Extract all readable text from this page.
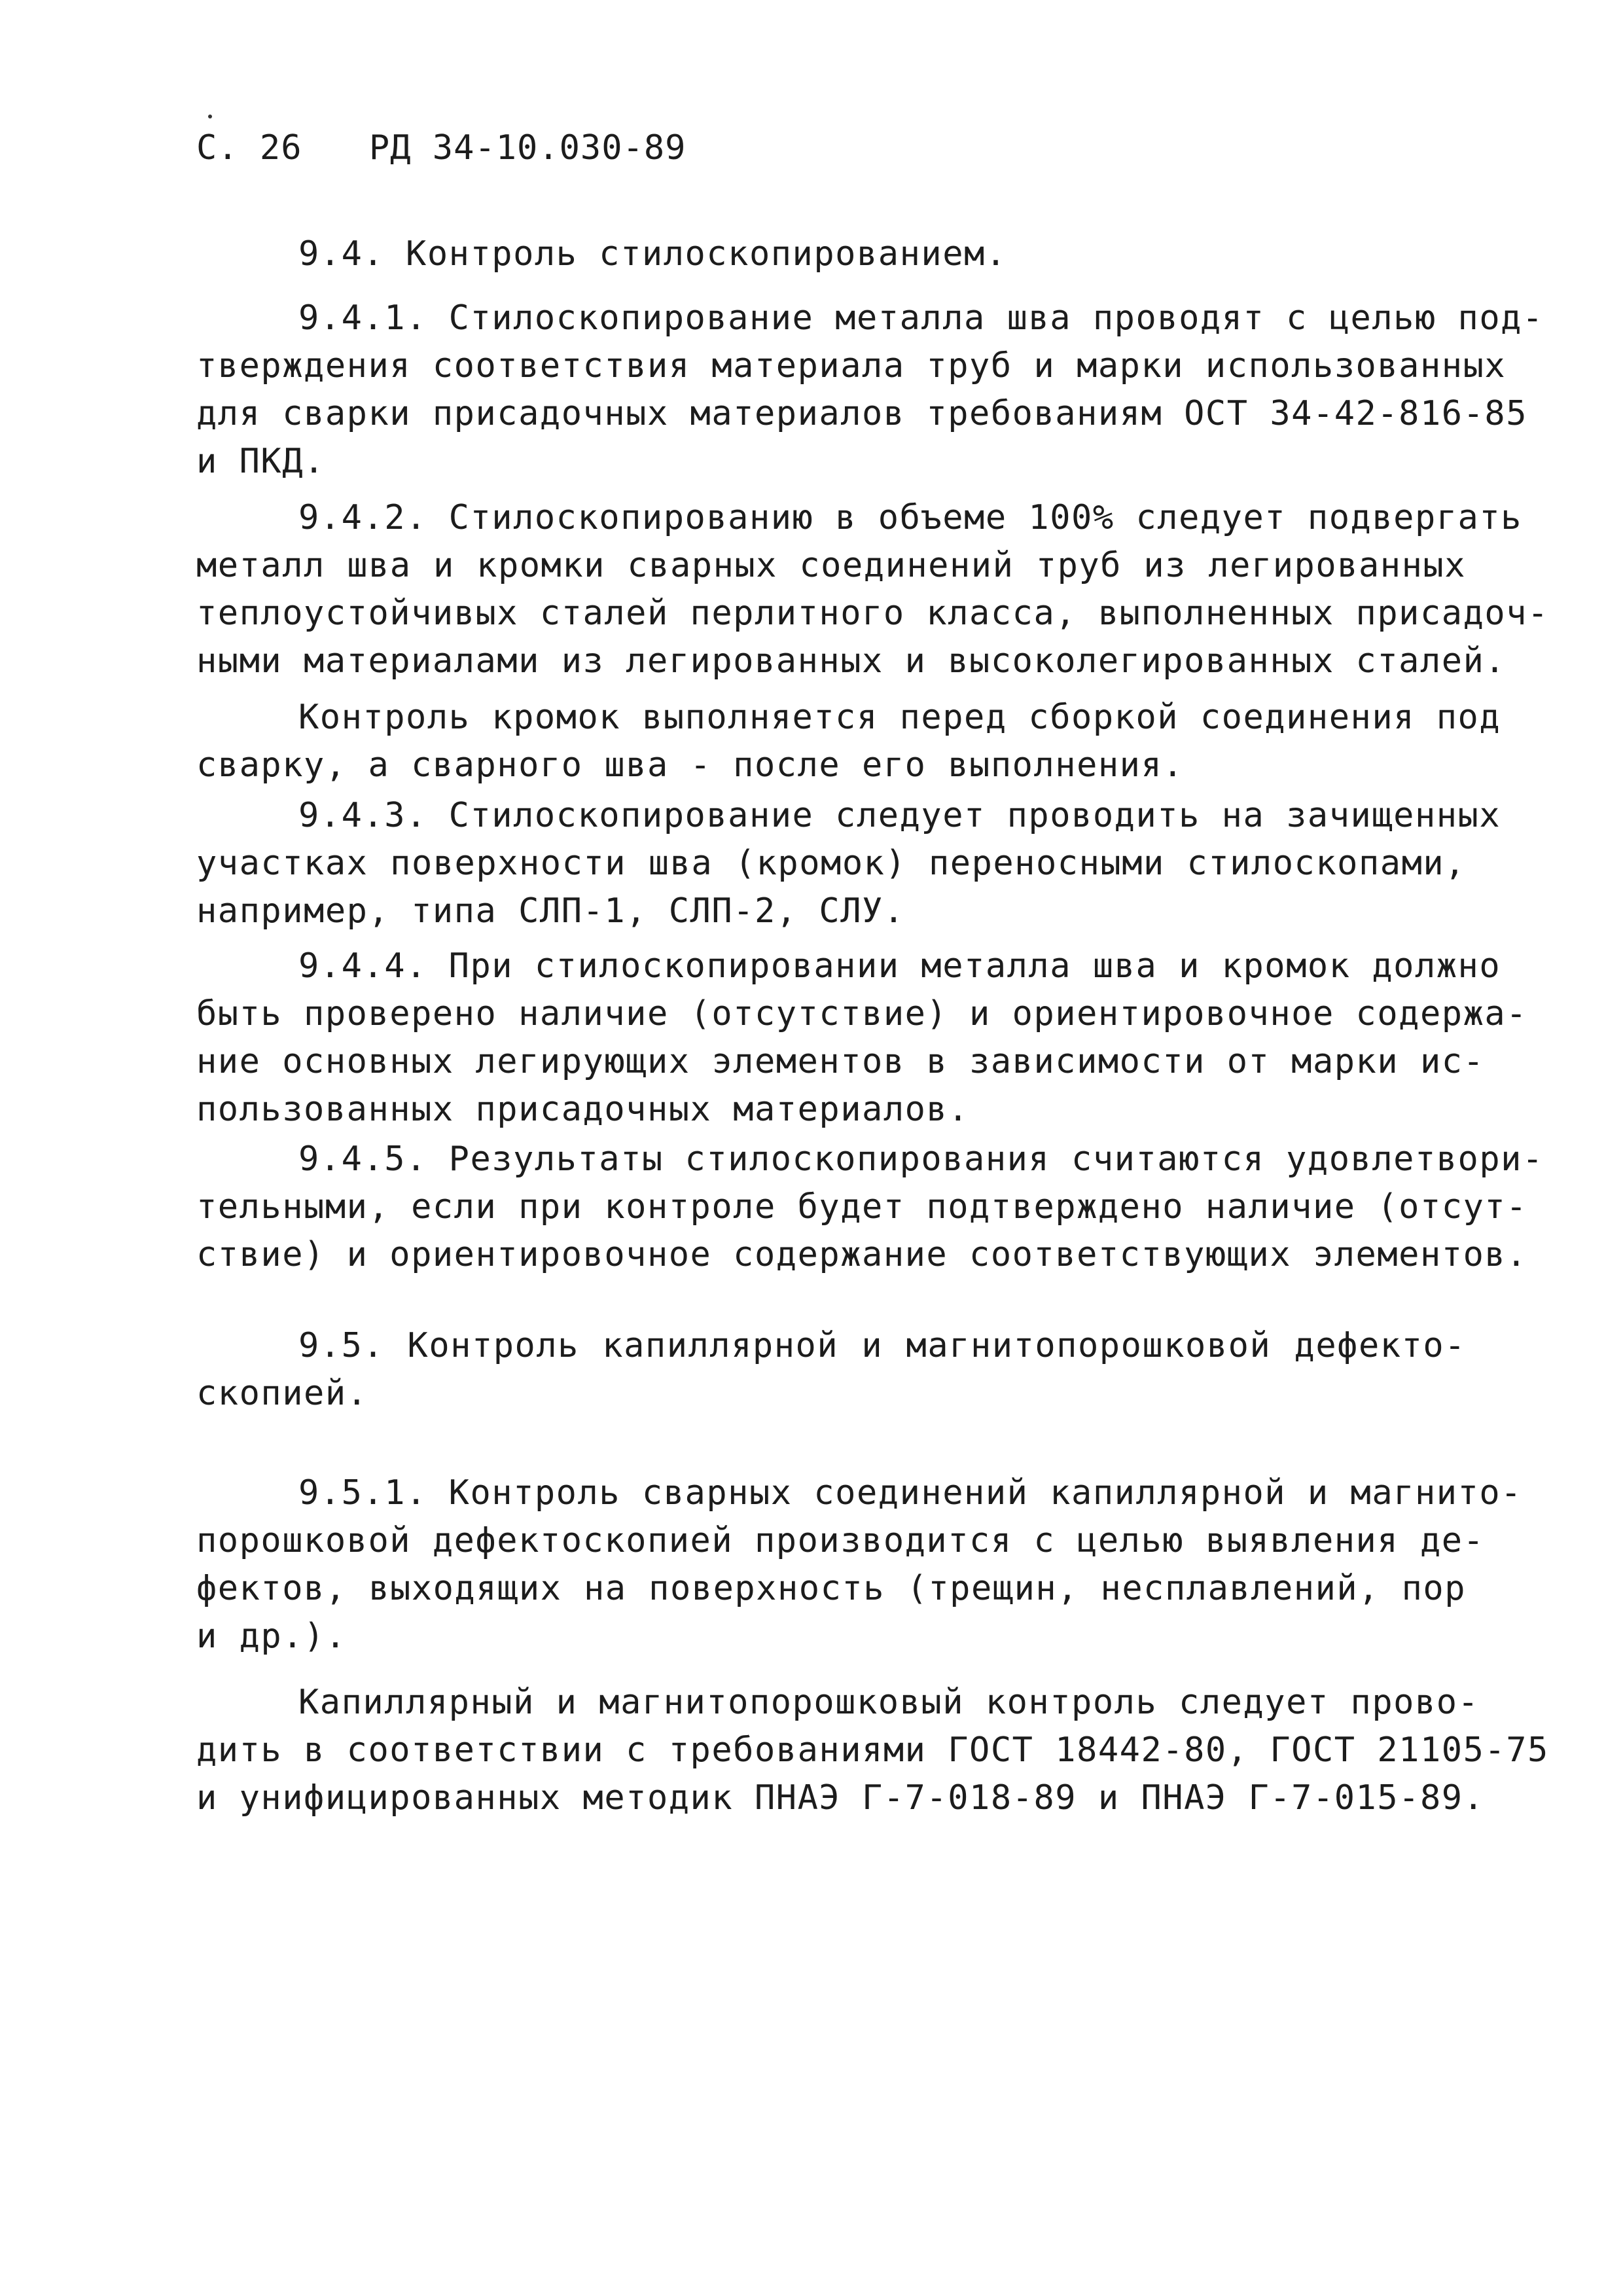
С. 26 РД 34-10.030-89
9.4. Контроль стилоскопированием.
9.4.1. Стилоскопирование металла шва проводят с целью под-
тверждения соответствия материала труб и марки использованных
для сварки присадочных материалов требованиям ОСТ 34-42-816-85
и ПКД.
9.4.2. Стилоскопированию в объеме 100% следует подвергать
металл шва и кромки сварных соединений труб из легированных
теплоустойчивых сталей перлитного класса, выполненных присадоч-
ными материалами из легированных и высоколегированных сталей.
Контроль кромок выполняется перед сборкой соединения под
сварку, а сварного шва - после его выполнения.
9.4.3. Стилоскопирование следует проводить на зачищенных
участках поверхности шва (кромок) переносными стилоскопами,
например, типа СЛП-1, СЛП-2, СЛУ.
9.4.4. При стилоскопировании металла шва и кромок должно
быть проверено наличие (отсутствие) и ориентировочное содержа-
ние основных легирующих элементов в зависимости от марки ис-
пользованных присадочных материалов.
9.4.5. Результаты стилоскопирования считаются удовлетвори-
тельными, если при контроле будет подтверждено наличие (отсут-
ствие) и ориентировочное содержание соответствующих элементов.
9.5. Контроль капиллярной и магнитопорошковой дефекто-
скопией.
9.5.1. Контроль сварных соединений капиллярной и магнито-
порошковой дефектоскопией производится с целью выявления де-
фектов, выходящих на поверхность (трещин, несплавлений, пор
и др.).
Капиллярный и магнитопорошковый контроль следует прово-
дить в соответствии с требованиями ГОСТ 18442-80, ГОСТ 21105-75
и унифицированных методик ПНАЭ Г-7-018-89 и ПНАЭ Г-7-015-89.
